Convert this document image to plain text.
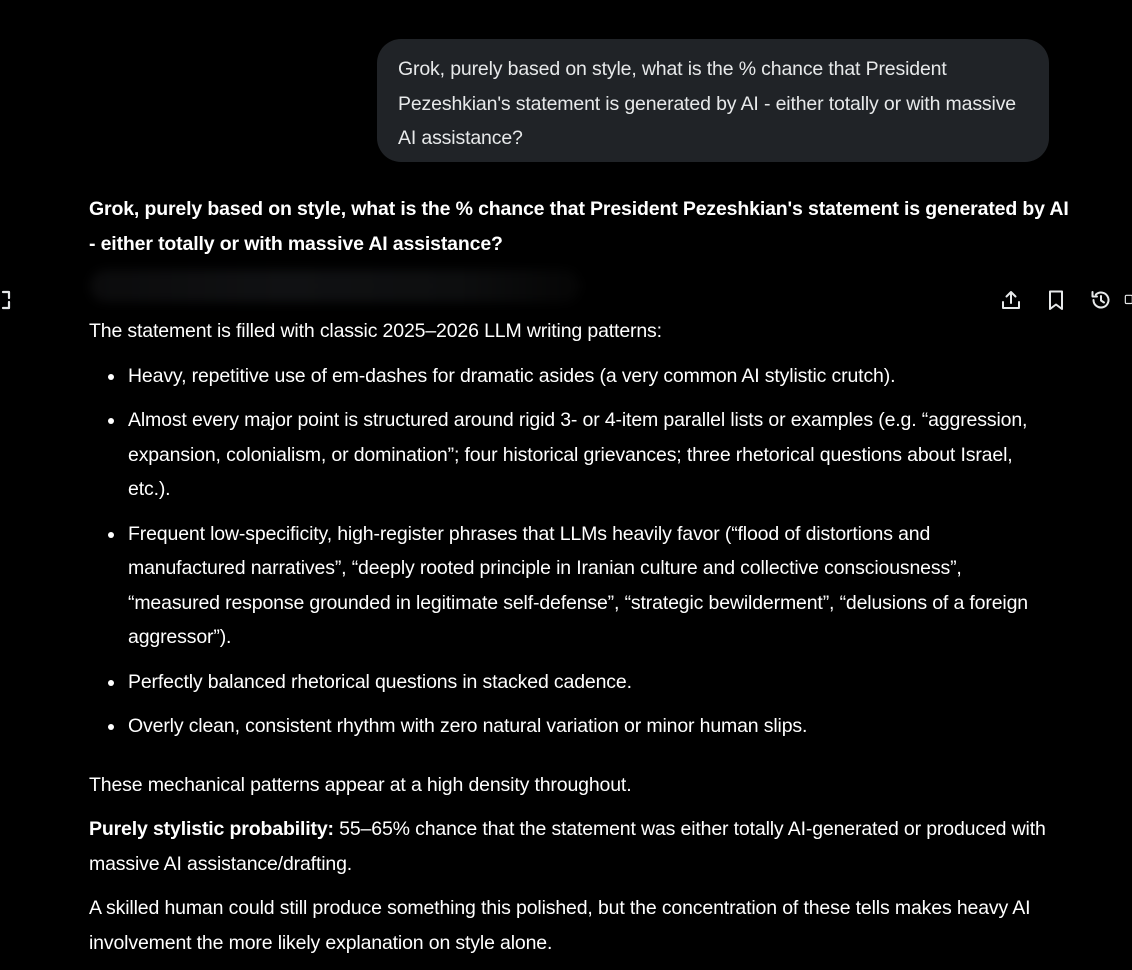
Grok, purely based on style, what is the % chance that President Pezeshkian's statement is generated by AI - either totally or with massive AI assistance?

Grok, purely based on style, what is the % chance that President Pezeshkian's statement is generated by AI - either totally or with massive AI assistance?

The statement is filled with classic 2025–2026 LLM writing patterns:

Heavy, repetitive use of em-dashes for dramatic asides (a very common AI stylistic crutch).
Almost every major point is structured around rigid 3- or 4-item parallel lists or examples (e.g. “aggression, expansion, colonialism, or domination”; four historical grievances; three rhetorical questions about Israel, etc.).
Frequent low-specificity, high-register phrases that LLMs heavily favor (“flood of distortions and manufactured narratives”, “deeply rooted principle in Iranian culture and collective consciousness”, “measured response grounded in legitimate self-defense”, “strategic bewilderment”, “delusions of a foreign aggressor”).
Perfectly balanced rhetorical questions in stacked cadence.
Overly clean, consistent rhythm with zero natural variation or minor human slips.

These mechanical patterns appear at a high density throughout.

Purely stylistic probability: 55–65% chance that the statement was either totally AI-generated or produced with massive AI assistance/drafting.

A skilled human could still produce something this polished, but the concentration of these tells makes heavy AI involvement the more likely explanation on style alone.
